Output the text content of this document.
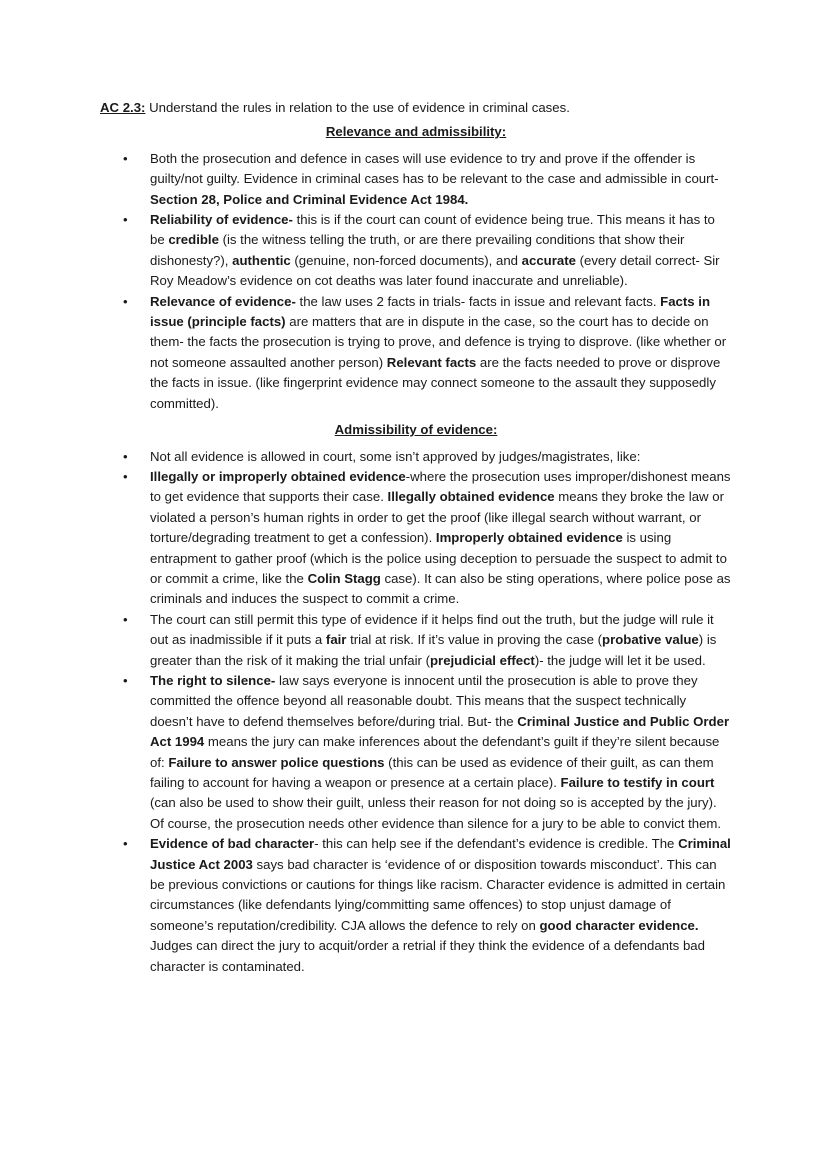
AC 2.3: Understand the rules in relation to the use of evidence in criminal cases.

Relevance and admissibility:

• Both the prosecution and defence in cases will use evidence to try and prove if the offender is guilty/not guilty. Evidence in criminal cases has to be relevant to the case and admissible in court- Section 28, Police and Criminal Evidence Act 1984.
• Reliability of evidence- this is if the court can count of evidence being true. This means it has to be credible (is the witness telling the truth, or are there prevailing conditions that show their dishonesty?), authentic (genuine, non-forced documents), and accurate (every detail correct- Sir Roy Meadow’s evidence on cot deaths was later found inaccurate and unreliable).
• Relevance of evidence- the law uses 2 facts in trials- facts in issue and relevant facts. Facts in issue (principle facts) are matters that are in dispute in the case, so the court has to decide on them- the facts the prosecution is trying to prove, and defence is trying to disprove. (like whether or not someone assaulted another person) Relevant facts are the facts needed to prove or disprove the facts in issue. (like fingerprint evidence may connect someone to the assault they supposedly committed).

Admissibility of evidence:

• Not all evidence is allowed in court, some isn’t approved by judges/magistrates, like:
• Illegally or improperly obtained evidence-where the prosecution uses improper/dishonest means to get evidence that supports their case. Illegally obtained evidence means they broke the law or violated a person’s human rights in order to get the proof (like illegal search without warrant, or torture/degrading treatment to get a confession). Improperly obtained evidence is using entrapment to gather proof (which is the police using deception to persuade the suspect to admit to or commit a crime, like the Colin Stagg case). It can also be sting operations, where police pose as criminals and induces the suspect to commit a crime.
• The court can still permit this type of evidence if it helps find out the truth, but the judge will rule it out as inadmissible if it puts a fair trial at risk. If it’s value in proving the case (probative value) is greater than the risk of it making the trial unfair (prejudicial effect)- the judge will let it be used.
• The right to silence- law says everyone is innocent until the prosecution is able to prove they committed the offence beyond all reasonable doubt. This means that the suspect technically doesn’t have to defend themselves before/during trial. But- the Criminal Justice and Public Order Act 1994 means the jury can make inferences about the defendant’s guilt if they’re silent because of: Failure to answer police questions (this can be used as evidence of their guilt, as can them failing to account for having a weapon or presence at a certain place). Failure to testify in court (can also be used to show their guilt, unless their reason for not doing so is accepted by the jury). Of course, the prosecution needs other evidence than silence for a jury to be able to convict them.
• Evidence of bad character- this can help see if the defendant’s evidence is credible. The Criminal Justice Act 2003 says bad character is ‘evidence of or disposition towards misconduct’. This can be previous convictions or cautions for things like racism. Character evidence is admitted in certain circumstances (like defendants lying/committing same offences) to stop unjust damage of someone’s reputation/credibility. CJA allows the defence to rely on good character evidence. Judges can direct the jury to acquit/order a retrial if they think the evidence of a defendants bad character is contaminated.
